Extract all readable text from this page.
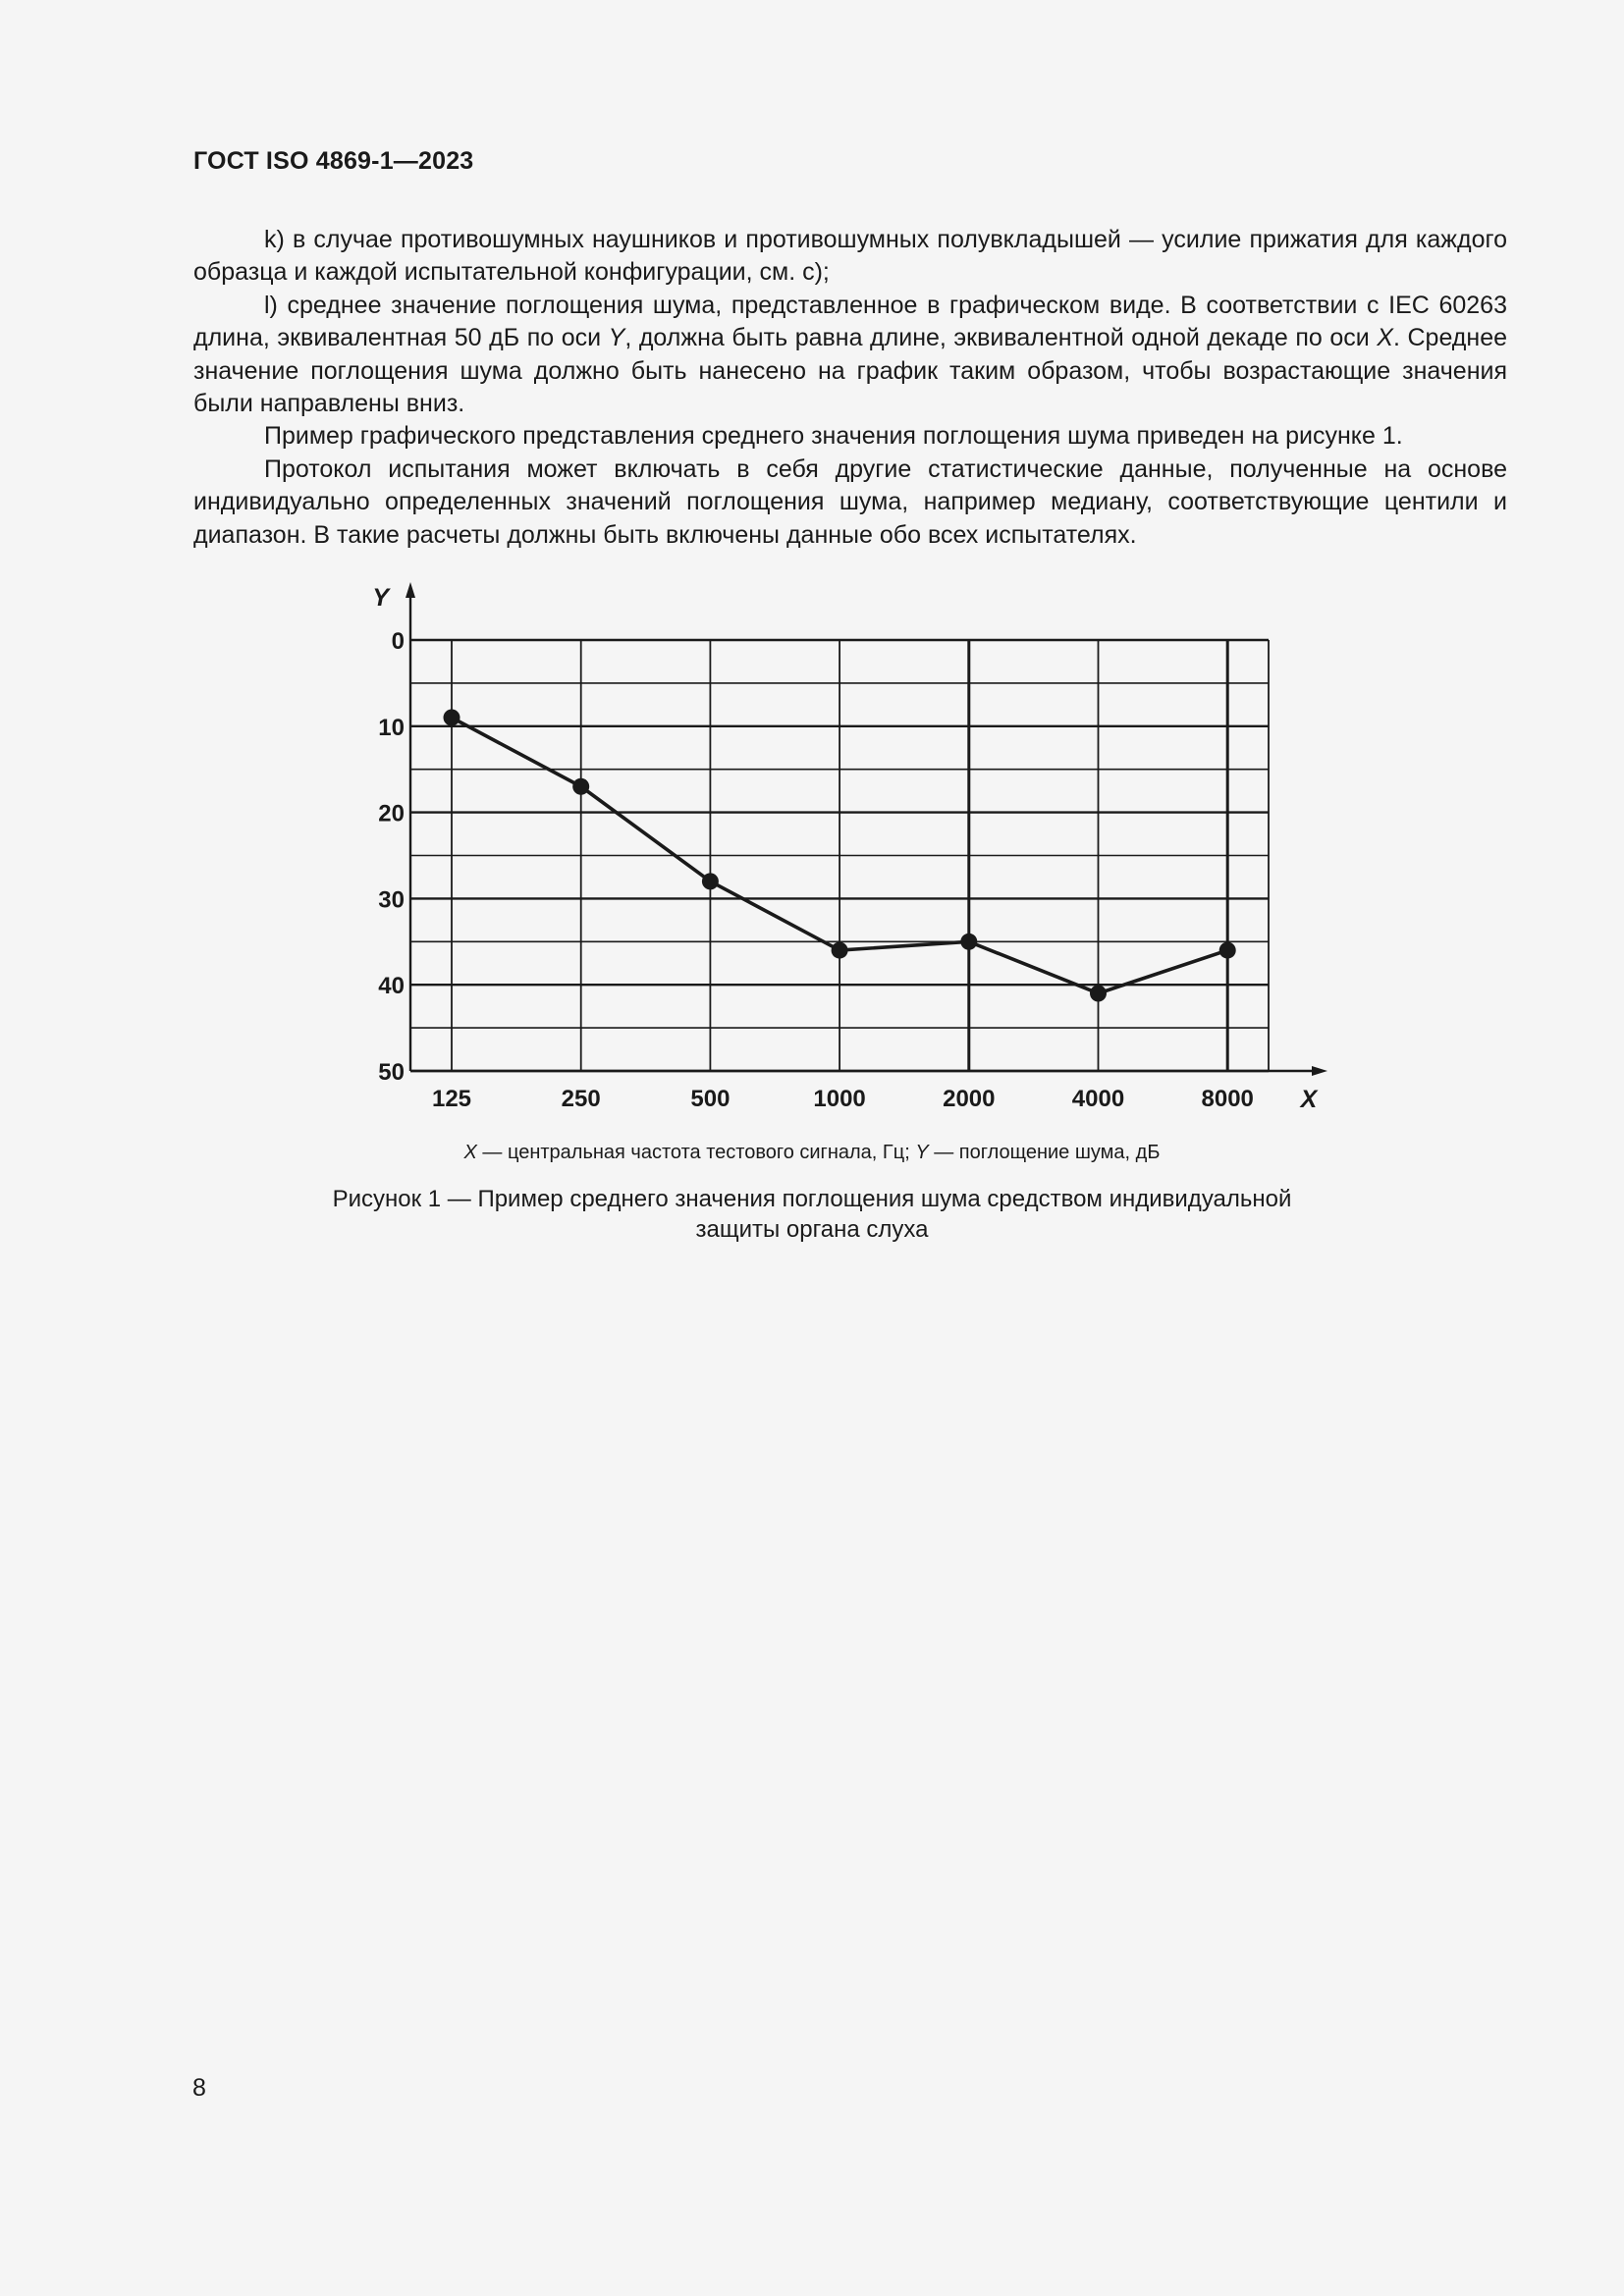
ГОСТ ISO 4869-1—2023

k) в случае противошумных наушников и противошумных полувкладышей — усилие прижатия для каждого образца и каждой испытательной конфигурации, см. c);

l) среднее значение поглощения шума, представленное в графическом виде. В соответствии с IEC 60263 длина, эквивалентная 50 дБ по оси Y, должна быть равна длине, эквивалентной одной декаде по оси X. Среднее значение поглощения шума должно быть нанесено на график таким образом, чтобы возрастающие значения были направлены вниз.

Пример графического представления среднего значения поглощения шума приведен на рисунке 1.

Протокол испытания может включать в себя другие статистические данные, полученные на основе индивидуально определенных значений поглощения шума, например медиану, соответствующие центили и диапазон. В такие расчеты должны быть включены данные обо всех испытателях.

0
10
20
30
40
50
125	250	500	1000	2000	4000	8000
Y
X
X — центральная частота тестового сигнала, Гц; Y — поглощение шума, дБ
Рисунок 1 — Пример среднего значения поглощения шума средством индивидуальной
защиты органа слуха
8
